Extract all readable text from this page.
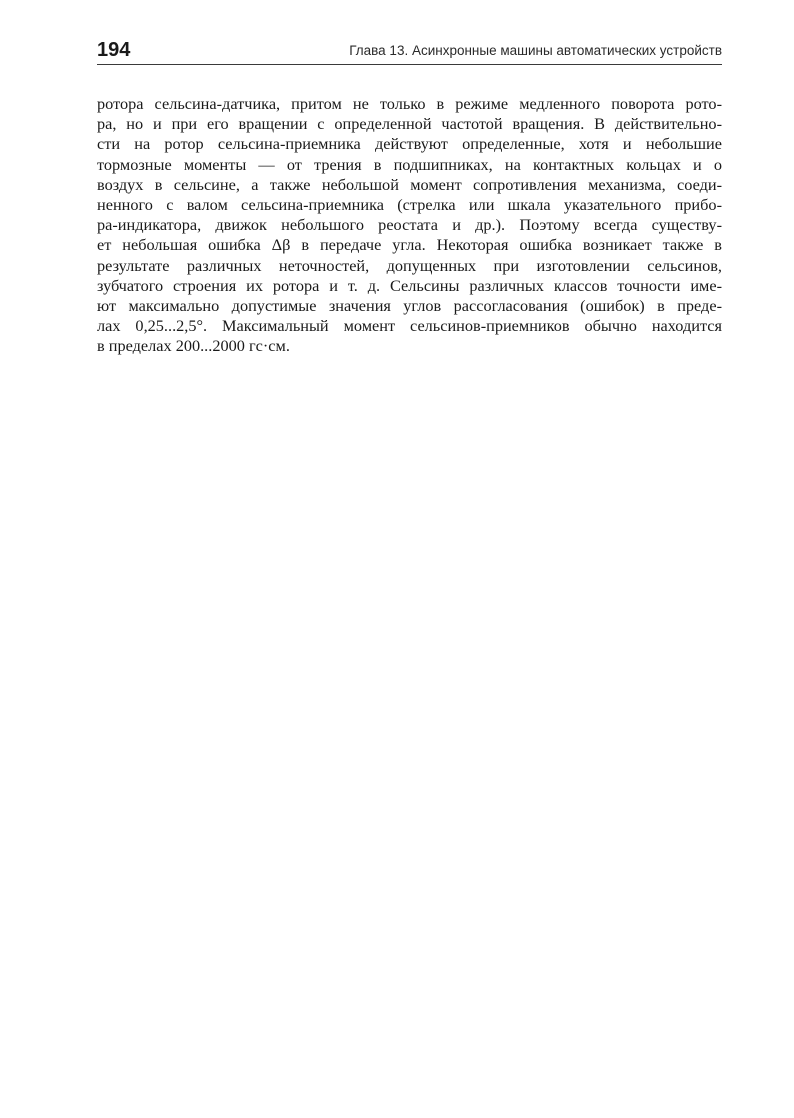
194	Глава 13. Асинхронные машины автоматических устройств
ротора сельсина-датчика, притом не только в режиме медленного поворота рото-
ра, но и при его вращении с определенной частотой вращения. В действительно-
сти на ротор сельсина-приемника действуют определенные, хотя и небольшие
тормозные моменты — от трения в подшипниках, на контактных кольцах и о
воздух в сельсине, а также небольшой момент сопротивления механизма, соеди-
ненного с валом сельсина-приемника (стрелка или шкала указательного прибо-
ра-индикатора, движок небольшого реостата и др.). Поэтому всегда существу-
ет небольшая ошибка Δβ в передаче угла. Некоторая ошибка возникает также в
результате различных неточностей, допущенных при изготовлении сельсинов,
зубчатого строения их ротора и т. д. Сельсины различных классов точности име-
ют максимально допустимые значения углов рассогласования (ошибок) в преде-
лах 0,25...2,5°. Максимальный момент сельсинов-приемников обычно находится
в пределах 200...2000 гс·см.
